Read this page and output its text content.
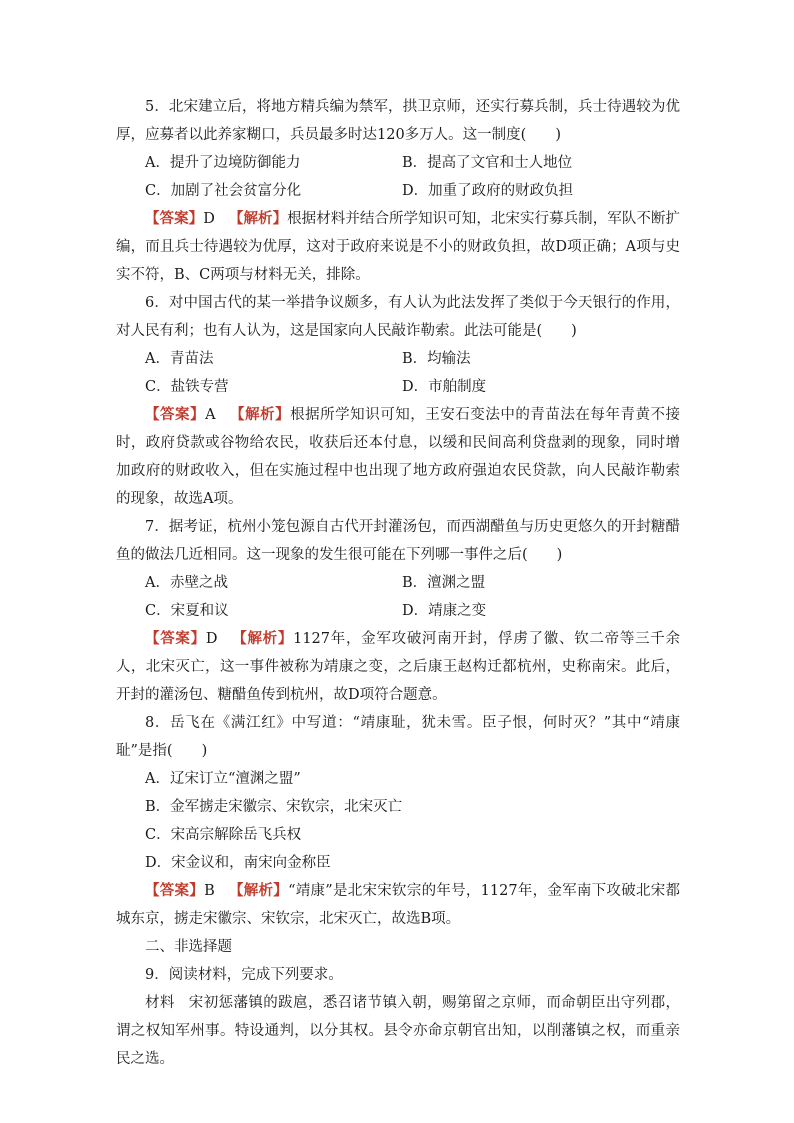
5．北宋建立后，将地方精兵编为禁军，拱卫京师，还实行募兵制，兵士待遇较为优厚，应募者以此养家糊口，兵员最多时达120多万人。这一制度(　　)

A．提升了边境防御能力	B．提高了文官和士人地位
C．加剧了社会贫富分化	D．加重了政府的财政负担

【答案】D 【解析】根据材料并结合所学知识可知，北宋实行募兵制，军队不断扩编，而且兵士待遇较为优厚，这对于政府来说是不小的财政负担，故D项正确；A项与史实不符，B、C两项与材料无关，排除。

6．对中国古代的某一举措争议颇多，有人认为此法发挥了类似于今天银行的作用，对人民有利；也有人认为，这是国家向人民敲诈勒索。此法可能是(　　)

A．青苗法	B．均输法
C．盐铁专营	D．市舶制度

【答案】A 【解析】根据所学知识可知，王安石变法中的青苗法在每年青黄不接时，政府贷款或谷物给农民，收获后还本付息，以缓和民间高利贷盘剥的现象，同时增加政府的财政收入，但在实施过程中也出现了地方政府强迫农民贷款，向人民敲诈勒索的现象，故选A项。

7．据考证，杭州小笼包源自古代开封灌汤包，而西湖醋鱼与历史更悠久的开封糖醋鱼的做法几近相同。这一现象的发生很可能在下列哪一事件之后(　　)

A．赤壁之战	B．澶渊之盟
C．宋夏和议	D．靖康之变

【答案】D 【解析】1127年，金军攻破河南开封，俘虏了徽、钦二帝等三千余人，北宋灭亡，这一事件被称为靖康之变，之后康王赵构迁都杭州，史称南宋。此后，开封的灌汤包、糖醋鱼传到杭州，故D项符合题意。

8．岳飞在《满江红》中写道：“靖康耻，犹未雪。臣子恨，何时灭？”其中“靖康耻”是指(　　)

A．辽宋订立“澶渊之盟”
B．金军掳走宋徽宗、宋钦宗，北宋灭亡
C．宋高宗解除岳飞兵权
D．宋金议和，南宋向金称臣

【答案】B 【解析】“靖康”是北宋宋钦宗的年号，1127年，金军南下攻破北宋都城东京，掳走宋徽宗、宋钦宗，北宋灭亡，故选B项。

二、非选择题

9．阅读材料，完成下列要求。

材料 宋初惩藩镇的跋扈，悉召诸节镇入朝，赐第留之京师，而命朝臣出守列郡，谓之权知军州事。特设通判，以分其权。县令亦命京朝官出知，以削藩镇之权，而重亲民之选。
